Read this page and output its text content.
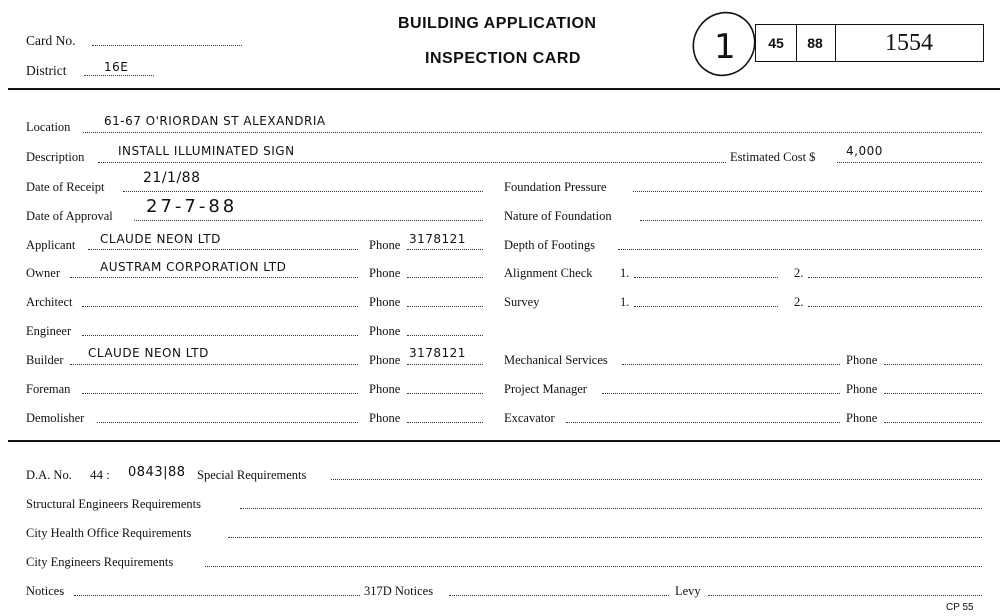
Card No.
District	16E
BUILDING APPLICATION
INSPECTION CARD	1	45	88	1554
Location	61-67 O'RIORDAN ST ALEXANDRIA
Description	INSTALL ILLUMINATED SIGN	Estimated Cost $	4,000
Date of Receipt
21/1/88
Date of Approval 27-7-88
Applicant CLAUDE NEON LTD	Phone 3178121
Owner	AUSTRAM CORPORATION LTD	Phone
Architect	Phone
Engineer	Phone
Builder CLAUDE NEON LTD	Phone 3178121
Foreman	Phone
Demolisher	Phone
Foundation Pressure
Nature of Foundation
Depth of Footings
Alignment Check 1.	2.
Survey	1.	2.
Mechanical Services	Phone
Project Manager	Phone
Excavator	Phone
D.A. No. 44 : 0843|88 Special Requirements
Structural Engineers Requirements
City Health Office Requirements
City Engineers Requirements
Notices	317D Notices	Levy
CP 55
